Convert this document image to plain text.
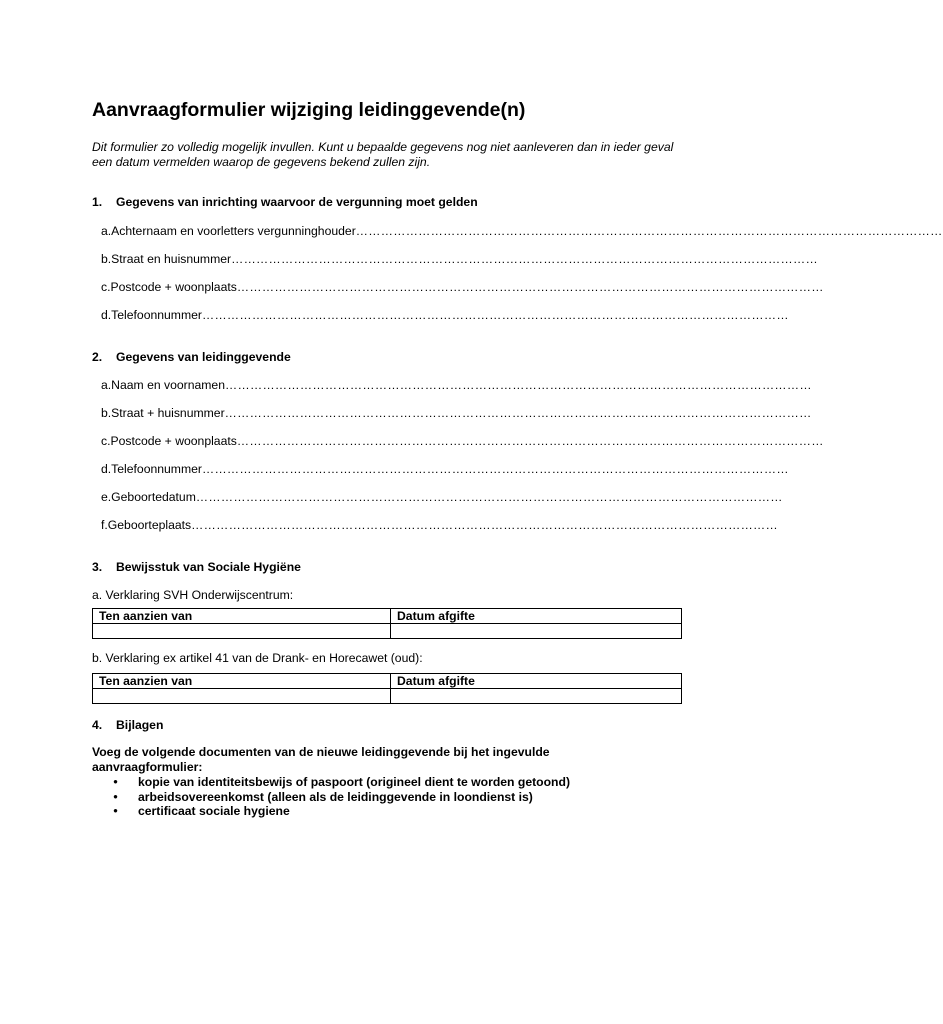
Aanvraagformulier wijziging leidinggevende(n)
Dit formulier zo volledig mogelijk invullen. Kunt u bepaalde gegevens nog niet aanleveren dan in ieder geval een datum vermelden waarop de gegevens bekend zullen zijn.
1.	Gegevens van inrichting waarvoor de vergunning moet gelden
a. Achternaam en voorletters vergunninghouder ……………………………………………………………………………………………………………………………
b. Straat en huisnummer ……………………………………………………………………………………………………………………………
c. Postcode + woonplaats ……………………………………………………………………………………………………………………………
d. Telefoonnummer ……………………………………………………………………………………………………………………………
2.	Gegevens van leidinggevende
a. Naam en voornamen ……………………………………………………………………………………………………………………………
b. Straat + huisnummer ……………………………………………………………………………………………………………………………
c. Postcode + woonplaats ……………………………………………………………………………………………………………………………
d. Telefoonnummer ……………………………………………………………………………………………………………………………
e. Geboortedatum ……………………………………………………………………………………………………………………………
f. Geboorteplaats ……………………………………………………………………………………………………………………………
3.	Bewijsstuk van Sociale Hygiëne
a. Verklaring SVH Onderwijscentrum:
Ten aanzien van	Datum afgifte

b. Verklaring ex artikel 41 van de Drank- en Horecawet (oud):
Ten aanzien van	Datum afgifte

4.	Bijlagen
Voeg de volgende documenten van de nieuwe leidinggevende bij het ingevulde aanvraagformulier:
•	kopie van identiteitsbewijs of paspoort (origineel dient te worden getoond)
•	arbeidsovereenkomst (alleen als de leidinggevende in loondienst is)
•	certificaat sociale hygiene
